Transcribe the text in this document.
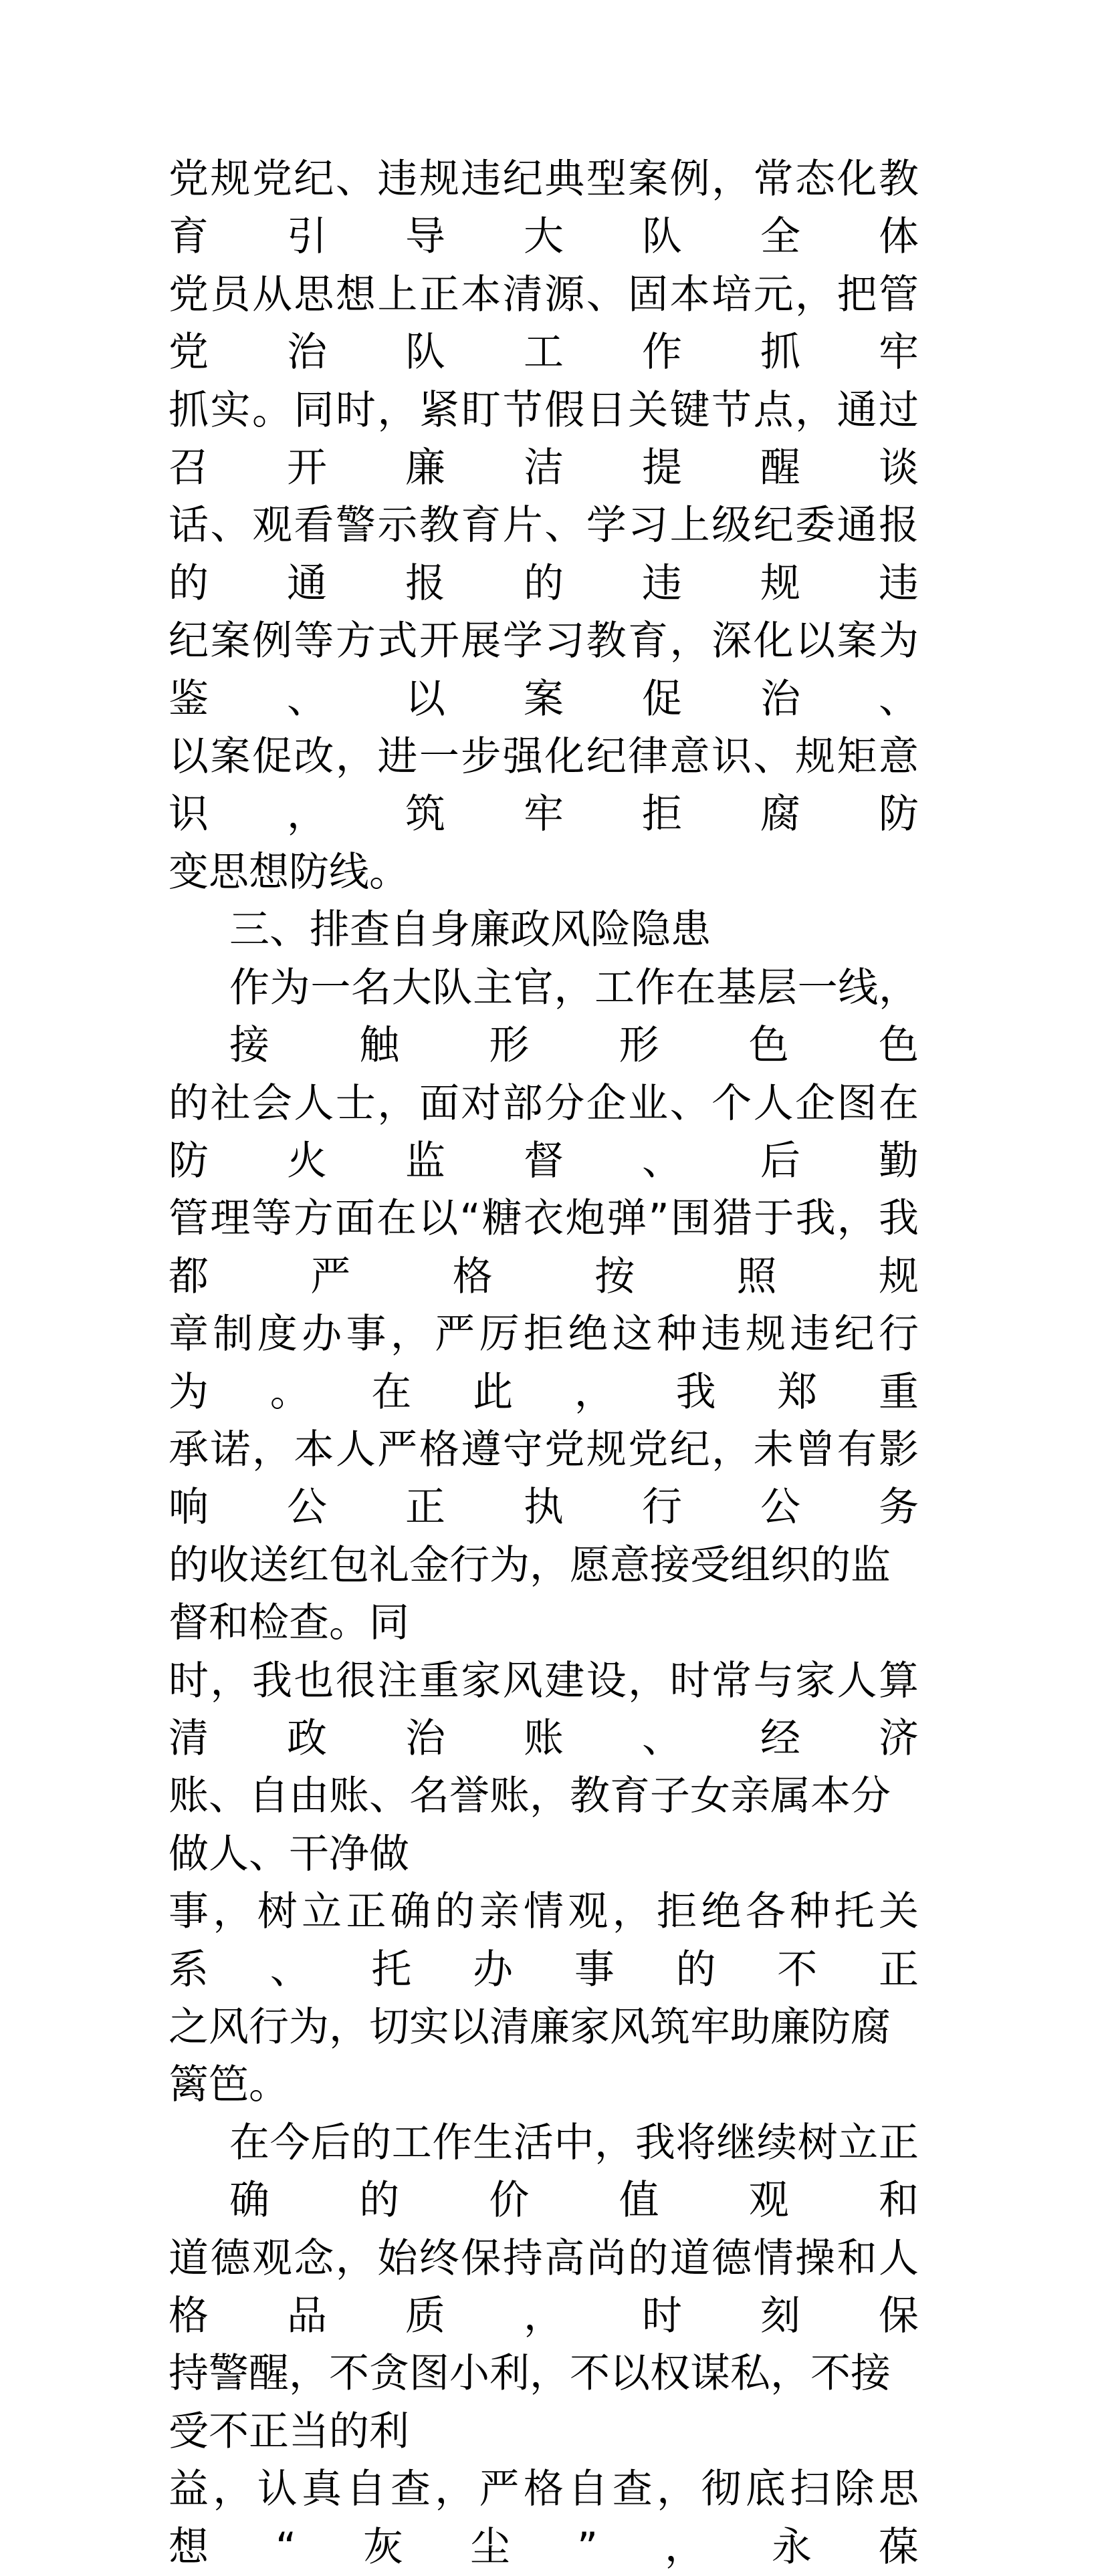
党规党纪、违规违纪典型案例，常态化教育引导大队全体
党员从思想上正本清源、固本培元，把管党治队工作抓牢
抓实。同时，紧盯节假日关键节点，通过召开廉洁提醒谈
话、观看警示教育片、学习上级纪委通报的通报的违规违
纪案例等方式开展学习教育，深化以案为鉴、以案促治、
以案促改，进一步强化纪律意识、规矩意识，筑牢拒腐防
变思想防线。
三、排查自身廉政风险隐患
作为一名大队主官，工作在基层一线，接触形形色色
的社会人士，面对部分企业、个人企图在防火监督、后勤
管理等方面在以“糖衣炮弹”围猎于我，我都严格按照规
章制度办事，严厉拒绝这种违规违纪行为。在此，我郑重
承诺，本人严格遵守党规党纪，未曾有影响公正执行公务
的收送红包礼金行为，愿意接受组织的监督和检查。同
时，我也很注重家风建设，时常与家人算清政治账、经济
账、自由账、名誉账，教育子女亲属本分做人、干净做
事，树立正确的亲情观，拒绝各种托关系、托办事的不正
之风行为，切实以清廉家风筑牢助廉防腐篱笆。
在今后的工作生活中，我将继续树立正确的价值观和
道德观念，始终保持高尚的道德情操和人格品质，时刻保
持警醒，不贪图小利，不以权谋私，不接受不正当的利
益，认真自查，严格自查，彻底扫除思想“灰尘”，永葆
